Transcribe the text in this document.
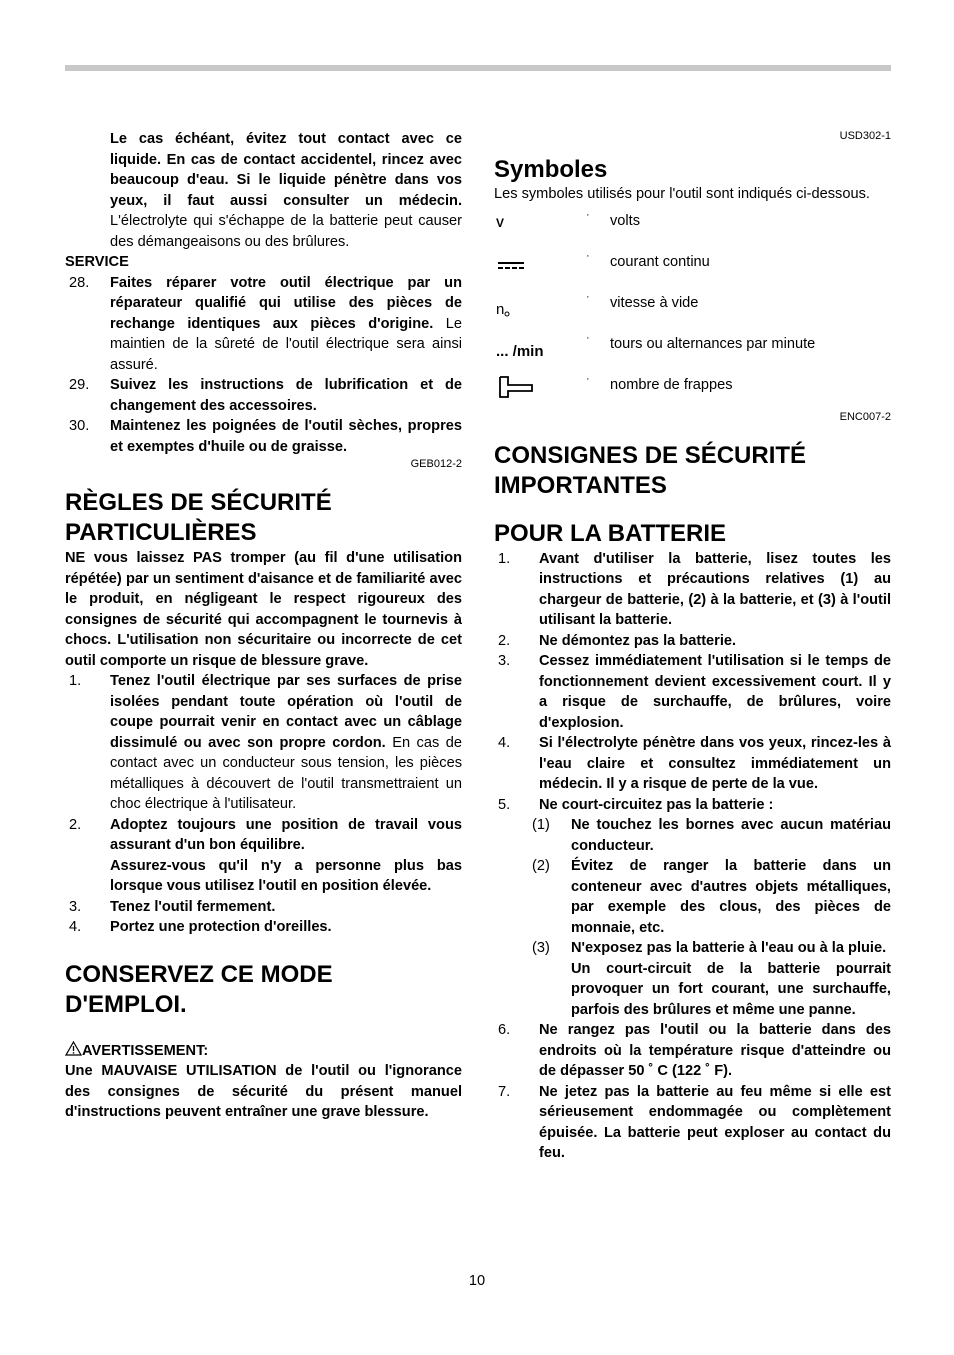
Le cas échéant, évitez tout contact avec ce liquide. En cas de contact accidentel, rincez avec beaucoup d'eau. Si le liquide pénètre dans vos yeux, il faut aussi consulter un médecin. L'électrolyte qui s'échappe de la batterie peut causer des démangeaisons ou des brûlures.

SERVICE

28. Faites réparer votre outil électrique par un réparateur qualifié qui utilise des pièces de rechange identiques aux pièces d'origine. Le maintien de la sûreté de l'outil électrique sera ainsi assuré.
29. Suivez les instructions de lubrification et de changement des accessoires.
30. Maintenez les poignées de l'outil sèches, propres et exemptes d'huile ou de graisse.

GEB012-2

RÈGLES DE SÉCURITÉ
PARTICULIÈRES

NE vous laissez PAS tromper (au fil d'une utilisation répétée) par un sentiment d'aisance et de familiarité avec le produit, en négligeant le respect rigoureux des consignes de sécurité qui accompagnent le tournevis à chocs. L'utilisation non sécuritaire ou incorrecte de cet outil comporte un risque de blessure grave.

1. Tenez l'outil électrique par ses surfaces de prise isolées pendant toute opération où l'outil de coupe pourrait venir en contact avec un câblage dissimulé ou avec son propre cordon. En cas de contact avec un conducteur sous tension, les pièces métalliques à découvert de l'outil transmettraient un choc électrique à l'utilisateur.
2. Adoptez toujours une position de travail vous assurant d'un bon équilibre.
Assurez-vous qu'il n'y a personne plus bas lorsque vous utilisez l'outil en position élevée.
3. Tenez l'outil fermement.
4. Portez une protection d'oreilles.
CONSERVEZ CE MODE
D'EMPLOI.

AVERTISSEMENT:

Une MAUVAISE UTILISATION de l'outil ou l'ignorance des consignes de sécurité du présent manuel d'instructions peuvent entraîner une grave blessure.

USD302-1

Symboles

Les symboles utilisés pour l'outil sont indiqués ci-dessous.

V
· volts
· courant continu
n
· vitesse à vide
... /min
· tours ou alternances par minute
· nombre de frappes

ENC007-2

CONSIGNES DE SÉCURITÉ
IMPORTANTES
POUR LA BATTERIE
1. Avant d'utiliser la batterie, lisez toutes les instructions et précautions relatives (1) au chargeur de batterie, (2) à la batterie, et (3) à l'outil utilisant la batterie.
2. Ne démontez pas la batterie.
3. Cessez immédiatement l'utilisation si le temps de fonctionnement devient excessivement court. Il y a risque de surchauffe, de brûlures, voire d'explosion.
4. Si l'électrolyte pénètre dans vos yeux, rincez-les à l'eau claire et consultez immédiatement un médecin. Il y a risque de perte de la vue.
5. Ne court-circuitez pas la batterie :
(1) Ne touchez les bornes avec aucun matériau conducteur.
(2) Évitez de ranger la batterie dans un conteneur avec d'autres objets métalliques, par exemple des clous, des pièces de monnaie, etc.
(3) N'exposez pas la batterie à l'eau ou à la pluie.
Un court-circuit de la batterie pourrait provoquer un fort courant, une surchauffe, parfois des brûlures et même une panne.
6. Ne rangez pas l'outil ou la batterie dans des endroits où la température risque d'atteindre ou de dépasser 50 ˚ C (122 ˚ F).
7. Ne jetez pas la batterie au feu même si elle est sérieusement endommagée ou complètement épuisée. La batterie peut exploser au contact du feu.
10
